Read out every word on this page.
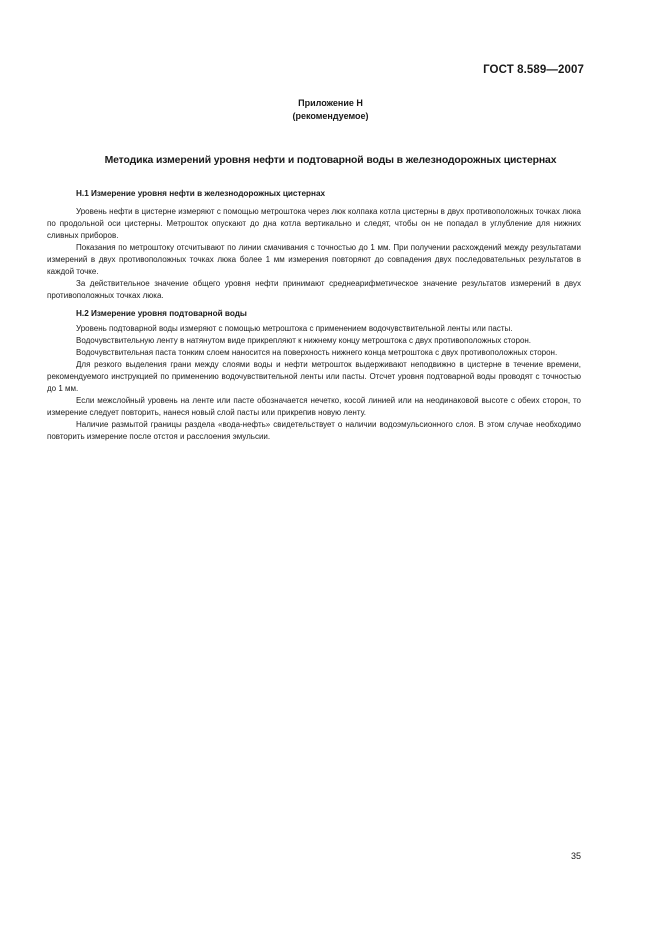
ГОСТ 8.589—2007
Приложение Н
(рекомендуемое)
Методика измерений уровня нефти и подтоварной воды в железнодорожных цистернах
Н.1 Измерение уровня нефти в железнодорожных цистернах

Уровень нефти в цистерне измеряют с помощью метроштока через люк колпака котла цистерны в двух противоположных точках люка по продольной оси цистерны. Метрошток опускают до дна котла вертикально и следят, чтобы он не попадал в углубление для нижних сливных приборов.

Показания по метроштоку отсчитывают по линии смачивания с точностью до 1 мм. При получении расхождений между результатами измерений в двух противоположных точках люка более 1 мм измерения повторяют до совпадения двух последовательных результатов в каждой точке.

За действительное значение общего уровня нефти принимают среднеарифметическое значение результатов измерений в двух противоположных точках люка.

Н.2 Измерение уровня подтоварной воды

Уровень подтоварной воды измеряют с помощью метроштока с применением водочувствительной ленты или пасты.

Водочувствительную ленту в натянутом виде прикрепляют к нижнему концу метроштока с двух противоположных сторон.

Водочувствительная паста тонким слоем наносится на поверхность нижнего конца метроштока с двух противоположных сторон.

Для резкого выделения грани между слоями воды и нефти метрошток выдерживают неподвижно в цистерне в течение времени, рекомендуемого инструкцией по применению водочувствительной ленты или пасты. Отсчет уровня подтоварной воды проводят с точностью до 1 мм.

Если межслойный уровень на ленте или пасте обозначается нечетко, косой линией или на неодинаковой высоте с обеих сторон, то измерение следует повторить, нанеся новый слой пасты или прикрепив новую ленту.

Наличие размытой границы раздела «вода-нефть» свидетельствует о наличии водоэмульсионного слоя. В этом случае необходимо повторить измерение после отстоя и расслоения эмульсии.

35
